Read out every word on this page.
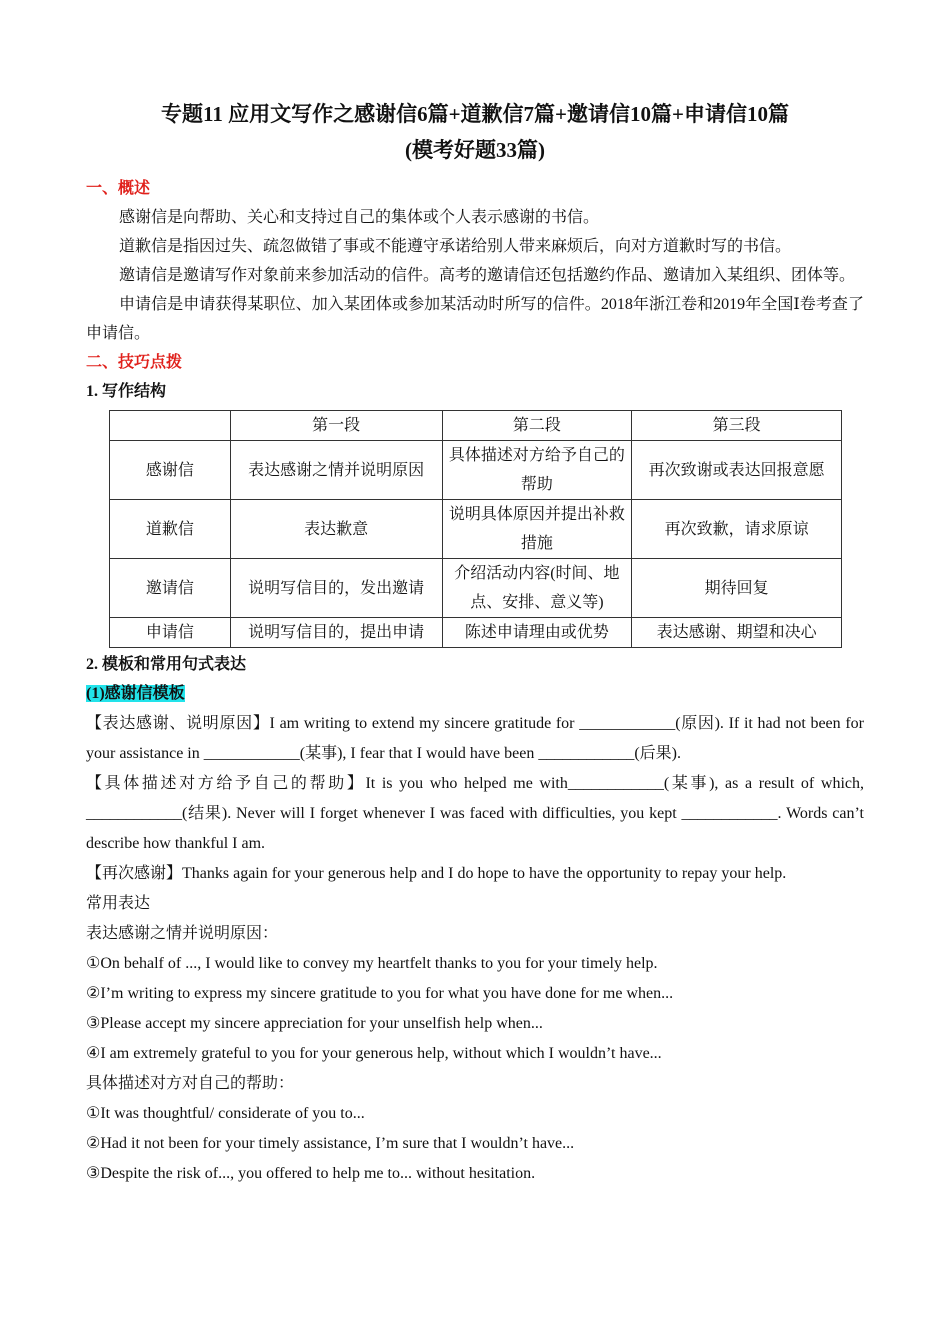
专题11 应用文写作之感谢信6篇+道歉信7篇+邀请信10篇+申请信10篇
(模考好题33篇)
一、概述

感谢信是向帮助、关心和支持过自己的集体或个人表示感谢的书信。

道歉信是指因过失、疏忽做错了事或不能遵守承诺给别人带来麻烦后，向对方道歉时写的书信。

邀请信是邀请写作对象前来参加活动的信件。高考的邀请信还包括邀约作品、邀请加入某组织、团体等。

申请信是申请获得某职位、加入某团体或参加某活动时所写的信件。2018年浙江卷和2019年全国Ⅰ卷考查了申请信。

二、技巧点拨
1. 写作结构
	第一段	第二段	第三段
感谢信	表达感谢之情并说明原因	具体描述对方给予自己的帮助	再次致谢或表达回报意愿
道歉信	表达歉意	说明具体原因并提出补救措施	再次致歉，请求原谅
邀请信	说明写信目的，发出邀请	介绍活动内容(时间、地点、安排、意义等)	期待回复
申请信	说明写信目的，提出申请	陈述申请理由或优势	表达感谢、期望和决心
2. 模板和常用句式表达

(1)感谢信模板

【表达感谢、说明原因】I am writing to extend my sincere gratitude for ____________(原因). If it had not been for your assistance in ____________(某事), I fear that I would have been ____________(后果).

【具体描述对方给予自己的帮助】It is you who helped me with____________(某事), as a result of which, ____________(结果). Never will I forget whenever I was faced with difficulties, you kept ____________. Words can’t describe how thankful I am.

【再次感谢】Thanks again for your generous help and I do hope to have the opportunity to repay your help.

常用表达

表达感谢之情并说明原因：

①On behalf of ..., I would like to convey my heartfelt thanks to you for your timely help.

②I’m writing to express my sincere gratitude to you for what you have done for me when...

③Please accept my sincere appreciation for your unselfish help when...

④I am extremely grateful to you for your generous help, without which I wouldn’t have...

具体描述对方对自己的帮助：

①It was thoughtful/ considerate of you to...

②Had it not been for your timely assistance, I’m sure that I wouldn’t have...

③Despite the risk of..., you offered to help me to... without hesitation.
